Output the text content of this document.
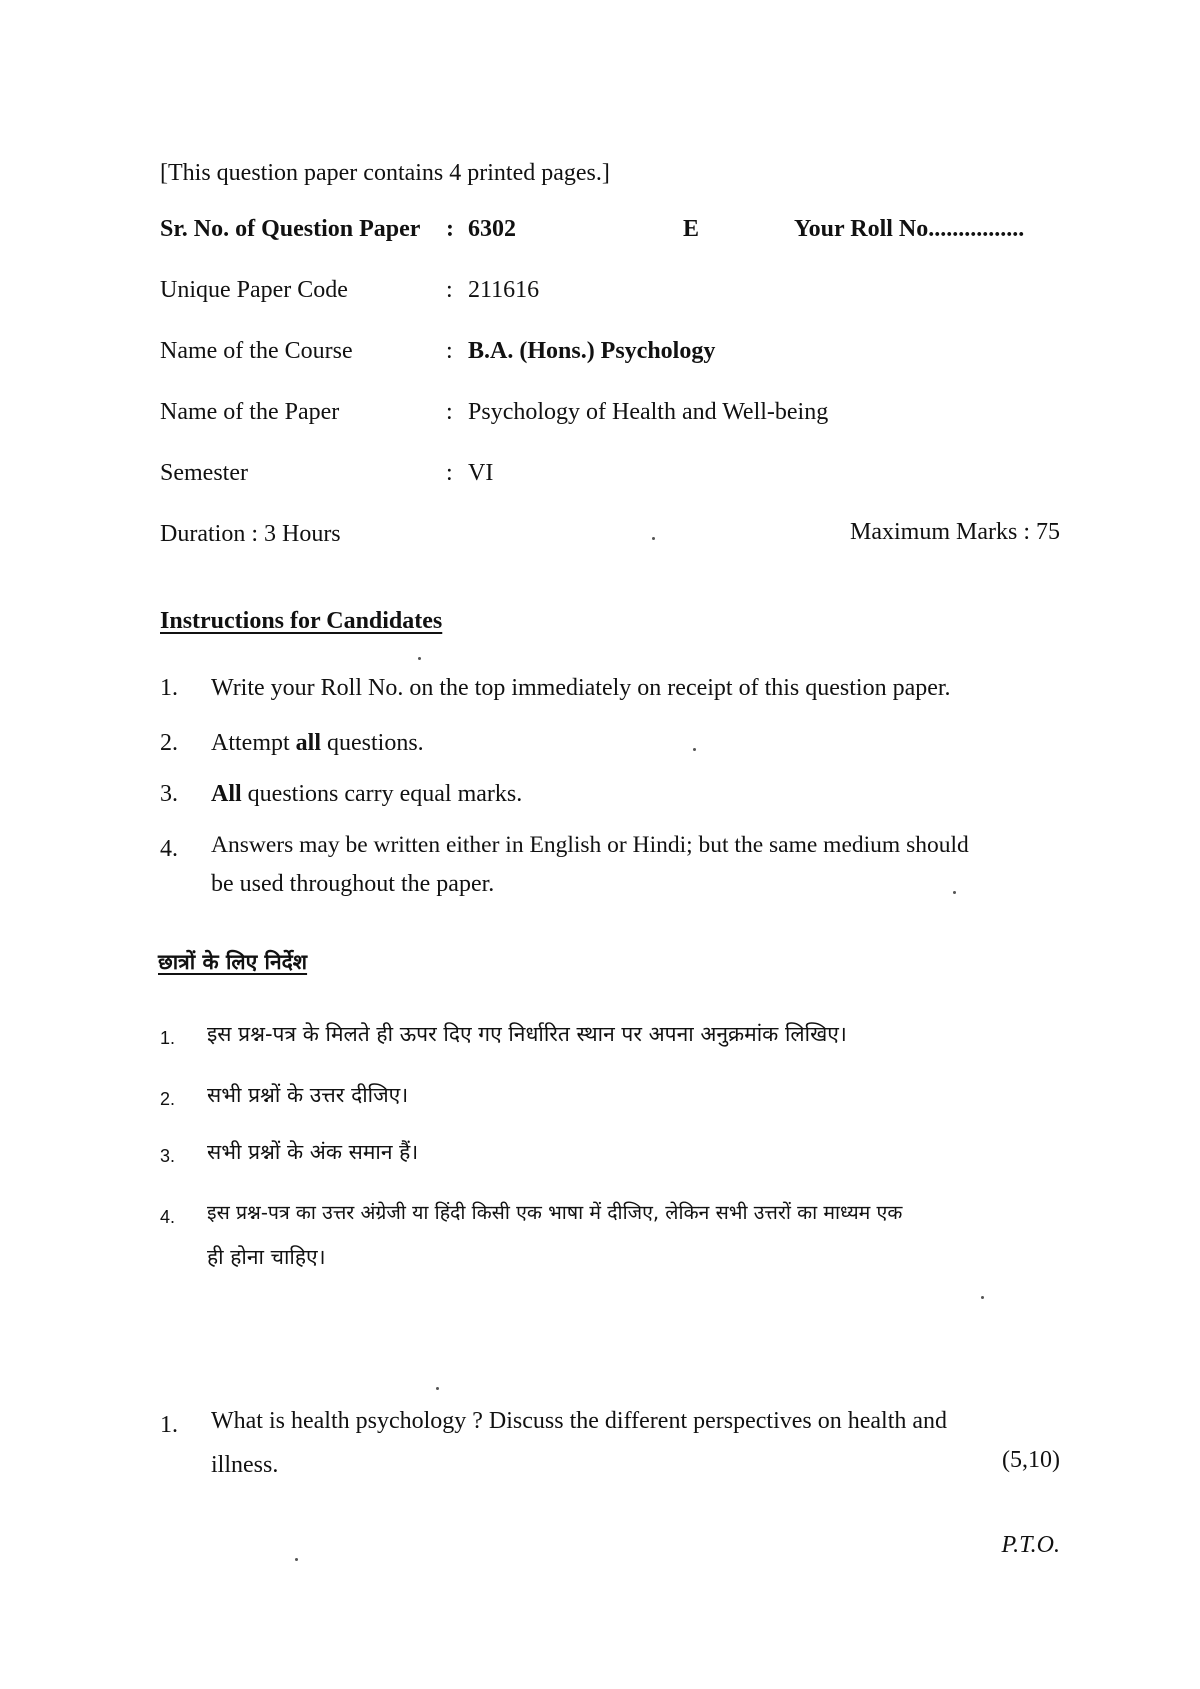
[This question paper contains 4 printed pages.]
Sr. No. of Question Paper : 6302	E	Your Roll No................
Unique Paper Code	: 211616
Name of the Course	: B.A. (Hons.) Psychology
Name of the Paper	: Psychology of Health and Well-being
Semester	: VI
Duration : 3 Hours	Maximum Marks : 75
Instructions for Candidates
1. Write your Roll No. on the top immediately on receipt of this question paper.
2. Attempt all questions.
3. All questions carry equal marks.
4. Answers may be written either in English or Hindi; but the same medium should
be used throughout the paper.
छात्रों के लिए निर्देश
1. इस प्रश्न-पत्र के मिलते ही ऊपर दिए गए निर्धारित स्थान पर अपना अनुक्रमांक लिखिए।
2. सभी प्रश्नों के उत्तर दीजिए।
3. सभी प्रश्नों के अंक समान हैं।
4. इस प्रश्न-पत्र का उत्तर अंग्रेजी या हिंदी किसी एक भाषा में दीजिए, लेकिन सभी उत्तरों का माध्यम एक
ही होना चाहिए।
1. What is health psychology ? Discuss the different perspectives on health and
illness.	(5,10)
P.T.O.
